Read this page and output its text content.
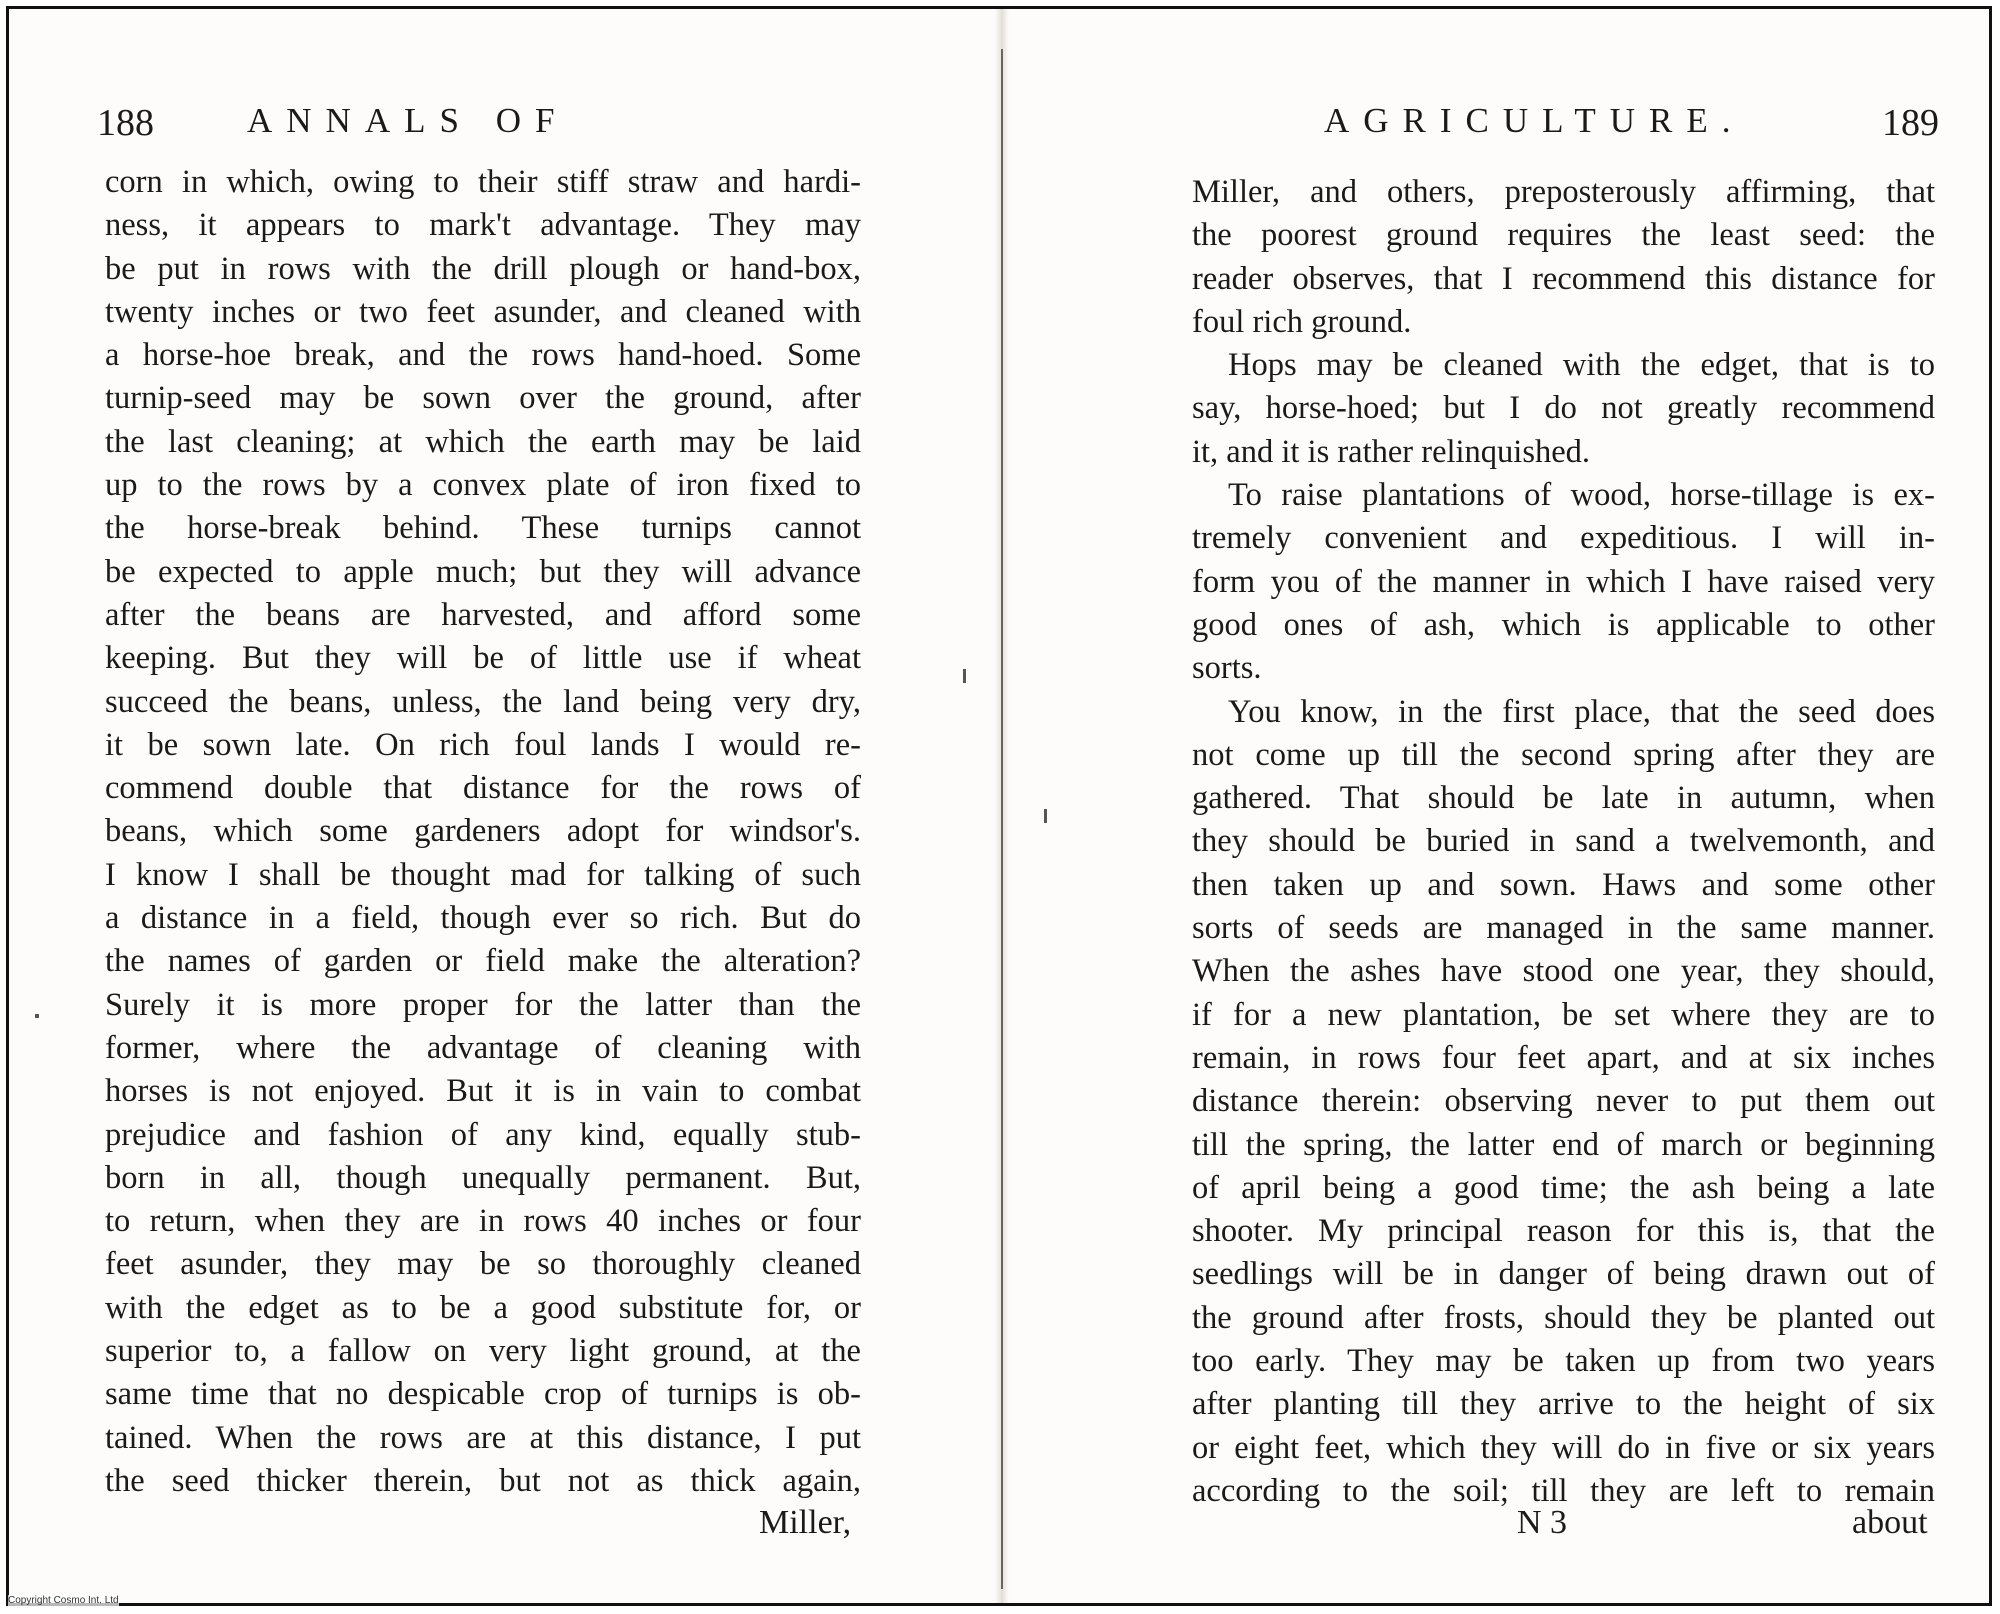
188	ANNALS OF
corn in which, owing to their stiff straw and hardi-
ness, it appears to mark't advantage. They may
be put in rows with the drill plough or hand-box,
twenty inches or two feet asunder, and cleaned with
a horse-hoe break, and the rows hand-hoed. Some
turnip-seed may be sown over the ground, after
the last cleaning; at which the earth may be laid
up to the rows by a convex plate of iron fixed to
the horse-break behind. These turnips cannot
be expected to apple much; but they will advance
after the beans are harvested, and afford some
keeping. But they will be of little use if wheat
succeed the beans, unless, the land being very dry,
it be sown late. On rich foul lands I would re-
commend double that distance for the rows of
beans, which some gardeners adopt for windsor's.
I know I shall be thought mad for talking of such
a distance in a field, though ever so rich. But do
the names of garden or field make the alteration?
Surely it is more proper for the latter than the
former, where the advantage of cleaning with
horses is not enjoyed. But it is in vain to combat
prejudice and fashion of any kind, equally stub-
born in all, though unequally permanent. But,
to return, when they are in rows 40 inches or four
feet asunder, they may be so thoroughly cleaned
with the edget as to be a good substitute for, or
superior to, a fallow on very light ground, at the
same time that no despicable crop of turnips is ob-
tained. When the rows are at this distance, I put
the seed thicker therein, but not as thick again,
Miller,
AGRICULTURE.	189
Miller, and others, preposterously affirming, that
the poorest ground requires the least seed: the
reader observes, that I recommend this distance for
foul rich ground.
Hops may be cleaned with the edget, that is to
say, horse-hoed; but I do not greatly recommend
it, and it is rather relinquished.
To raise plantations of wood, horse-tillage is ex-
tremely convenient and expeditious. I will in-
form you of the manner in which I have raised very
good ones of ash, which is applicable to other
sorts.
You know, in the first place, that the seed does
not come up till the second spring after they are
gathered. That should be late in autumn, when
they should be buried in sand a twelvemonth, and
then taken up and sown. Haws and some other
sorts of seeds are managed in the same manner.
When the ashes have stood one year, they should,
if for a new plantation, be set where they are to
remain, in rows four feet apart, and at six inches
distance therein: observing never to put them out
till the spring, the latter end of march or beginning
of april being a good time; the ash being a late
shooter. My principal reason for this is, that the
seedlings will be in danger of being drawn out of
the ground after frosts, should they be planted out
too early. They may be taken up from two years
after planting till they arrive to the height of six
or eight feet, which they will do in five or six years
according to the soil; till they are left to remain
N 3	about
Copyright Cosmo Int. Ltd
